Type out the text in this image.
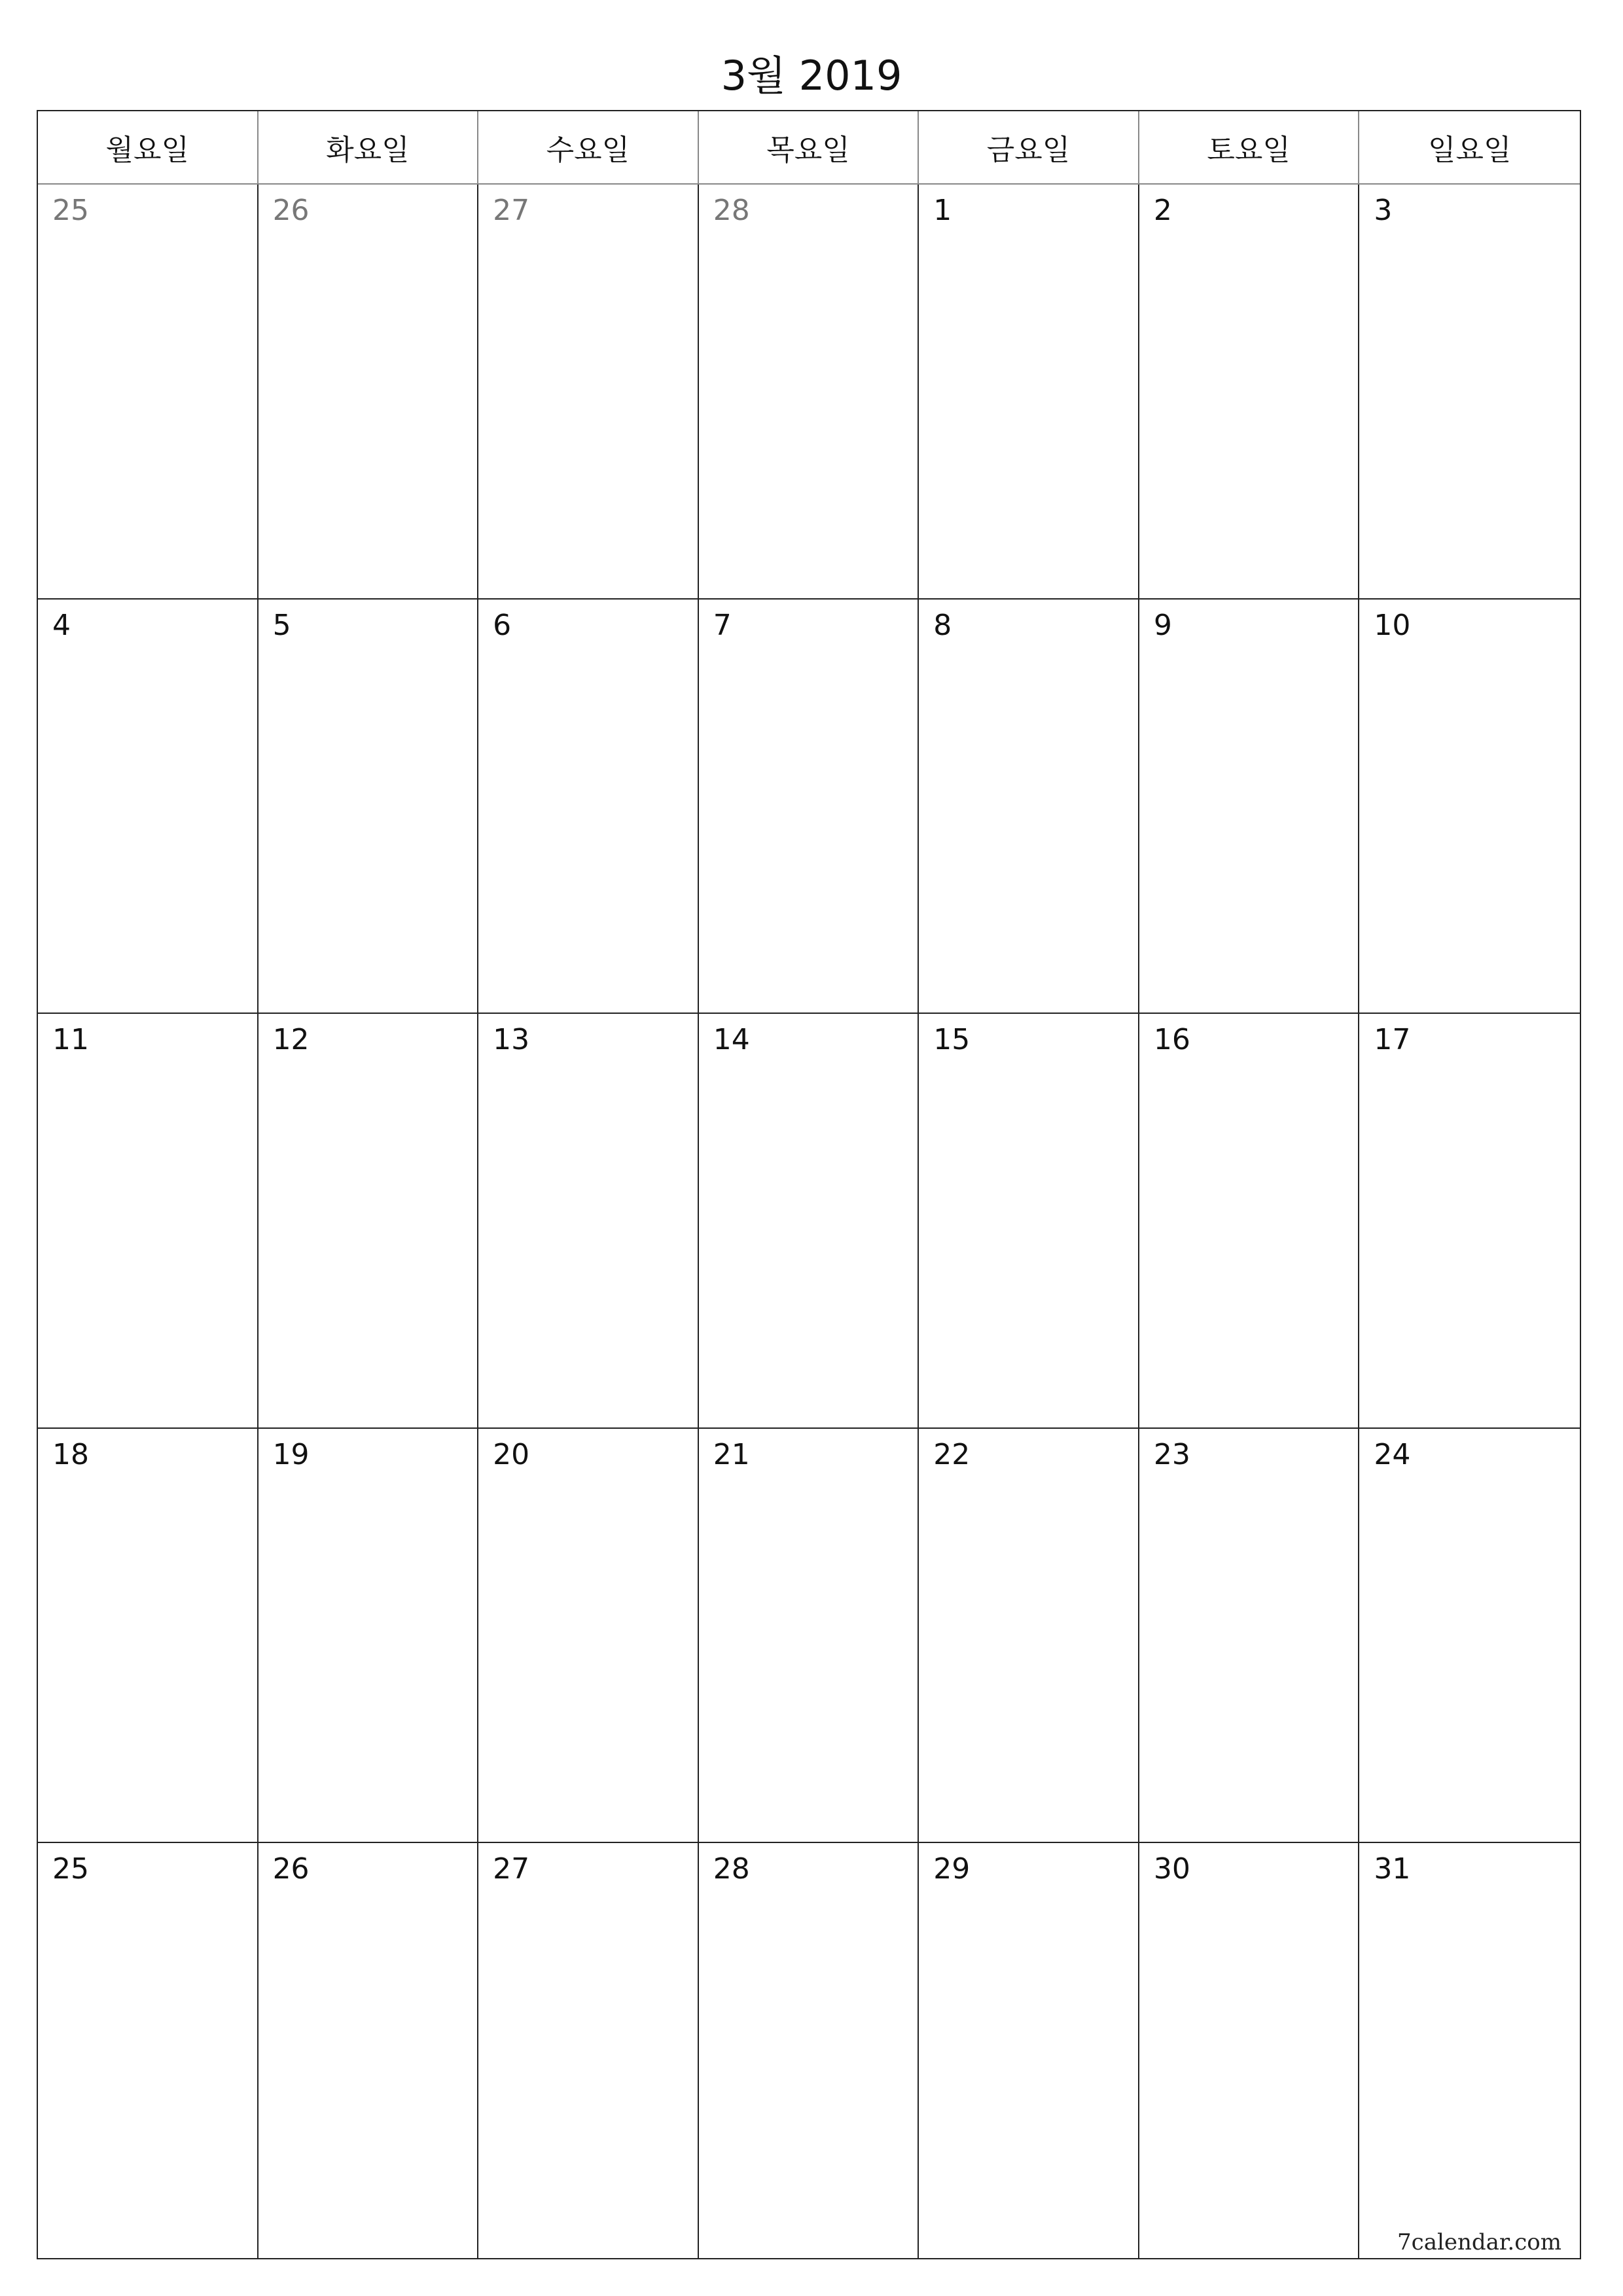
3월 2019
월요일	화요일	수요일	목요일	금요일	토요일	일요일
25	26	27	28	1	2	3
4	5	6	7	8	9	10
11	12	13	14	15	16	17
18	19	20	21	22	23	24
25	26	27	28	29	30	31
7calendar.com
